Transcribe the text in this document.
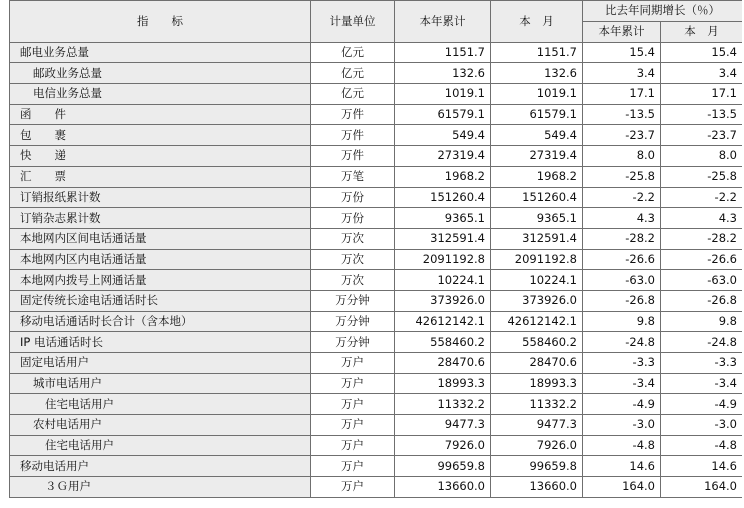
指　　标	计量单位	本年累计	本　月	比去年同期增长（％）	
				本年累计	本　月
邮电业务总量	亿元	1151.7	1151.7	15.4	15.4
邮政业务总量	亿元	132.6	132.6	3.4	3.4
电信业务总量	亿元	1019.1	1019.1	17.1	17.1
函　　件	万件	61579.1	61579.1	-13.5	-13.5
包　　裹	万件	549.4	549.4	-23.7	-23.7
快　　递	万件	27319.4	27319.4	8.0	8.0
汇　　票	万笔	1968.2	1968.2	-25.8	-25.8
订销报纸累计数	万份	151260.4	151260.4	-2.2	-2.2
订销杂志累计数	万份	9365.1	9365.1	4.3	4.3
本地网内区间电话通话量	万次	312591.4	312591.4	-28.2	-28.2
本地网内区内电话通话量	万次	2091192.8	2091192.8	-26.6	-26.6
本地网内拨号上网通话量	万次	10224.1	10224.1	-63.0	-63.0
固定传统长途电话通话时长	万分钟	373926.0	373926.0	-26.8	-26.8
移动电话通话时长合计（含本地）	万分钟	42612142.1	42612142.1	9.8	9.8
IP 电话通话时长	万分钟	558460.2	558460.2	-24.8	-24.8
固定电话用户	万户	28470.6	28470.6	-3.3	-3.3
城市电话用户	万户	18993.3	18993.3	-3.4	-3.4
住宅电话用户	万户	11332.2	11332.2	-4.9	-4.9
农村电话用户	万户	9477.3	9477.3	-3.0	-3.0
住宅电话用户	万户	7926.0	7926.0	-4.8	-4.8
移动电话用户	万户	99659.8	99659.8	14.6	14.6
３Ｇ用户	万户	13660.0	13660.0	164.0	164.0
